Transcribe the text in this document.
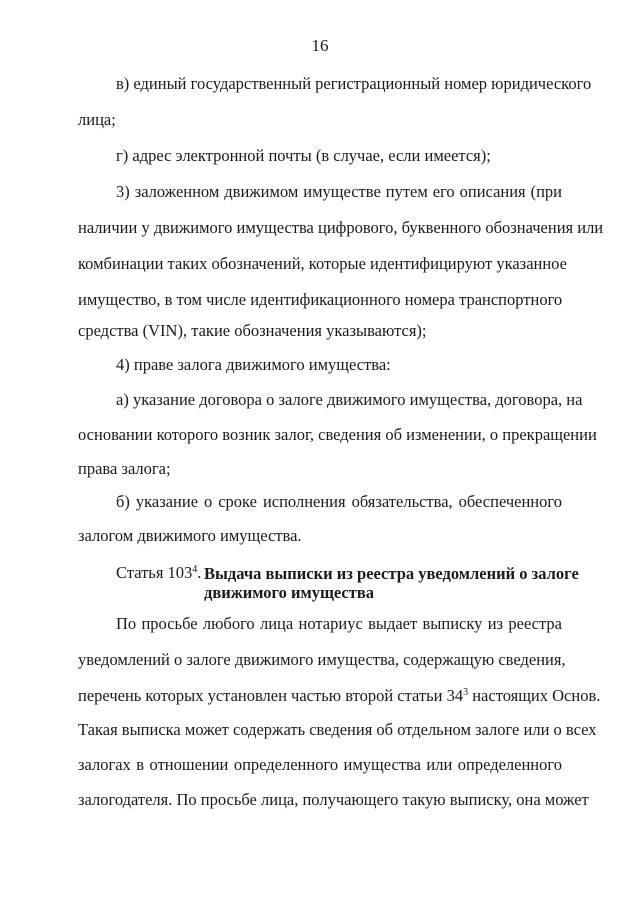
16
в) единый государственный регистрационный номер юридического
лица;
г) адрес электронной почты (в случае, если имеется);
3) заложенном движимом имуществе путем его описания (при
наличии у движимого имущества цифрового, буквенного обозначения или
комбинации таких обозначений, которые идентифицируют указанное
имущество, в том числе идентификационного номера транспортного
средства (VIN), такие обозначения указываются);
4) праве залога движимого имущества:
а) указание договора о залоге движимого имущества, договора, на
основании которого возник залог, сведения об изменении, о прекращении
права залога;
б) указание о сроке исполнения обязательства, обеспеченного
залогом движимого имущества.
Статья $103^4$. Выдача выписки из реестра уведомлений о залоге
движимого имущества
По просьбе любого лица нотариус выдает выписку из реестра
уведомлений о залоге движимого имущества, содержащую сведения,
перечень которых установлен частью второй статьи $34^3$ настоящих Основ.
Такая выписка может содержать сведения об отдельном залоге или о всех
залогах в отношении определенного имущества или определенного
залогодателя. По просьбе лица, получающего такую выписку, она может
